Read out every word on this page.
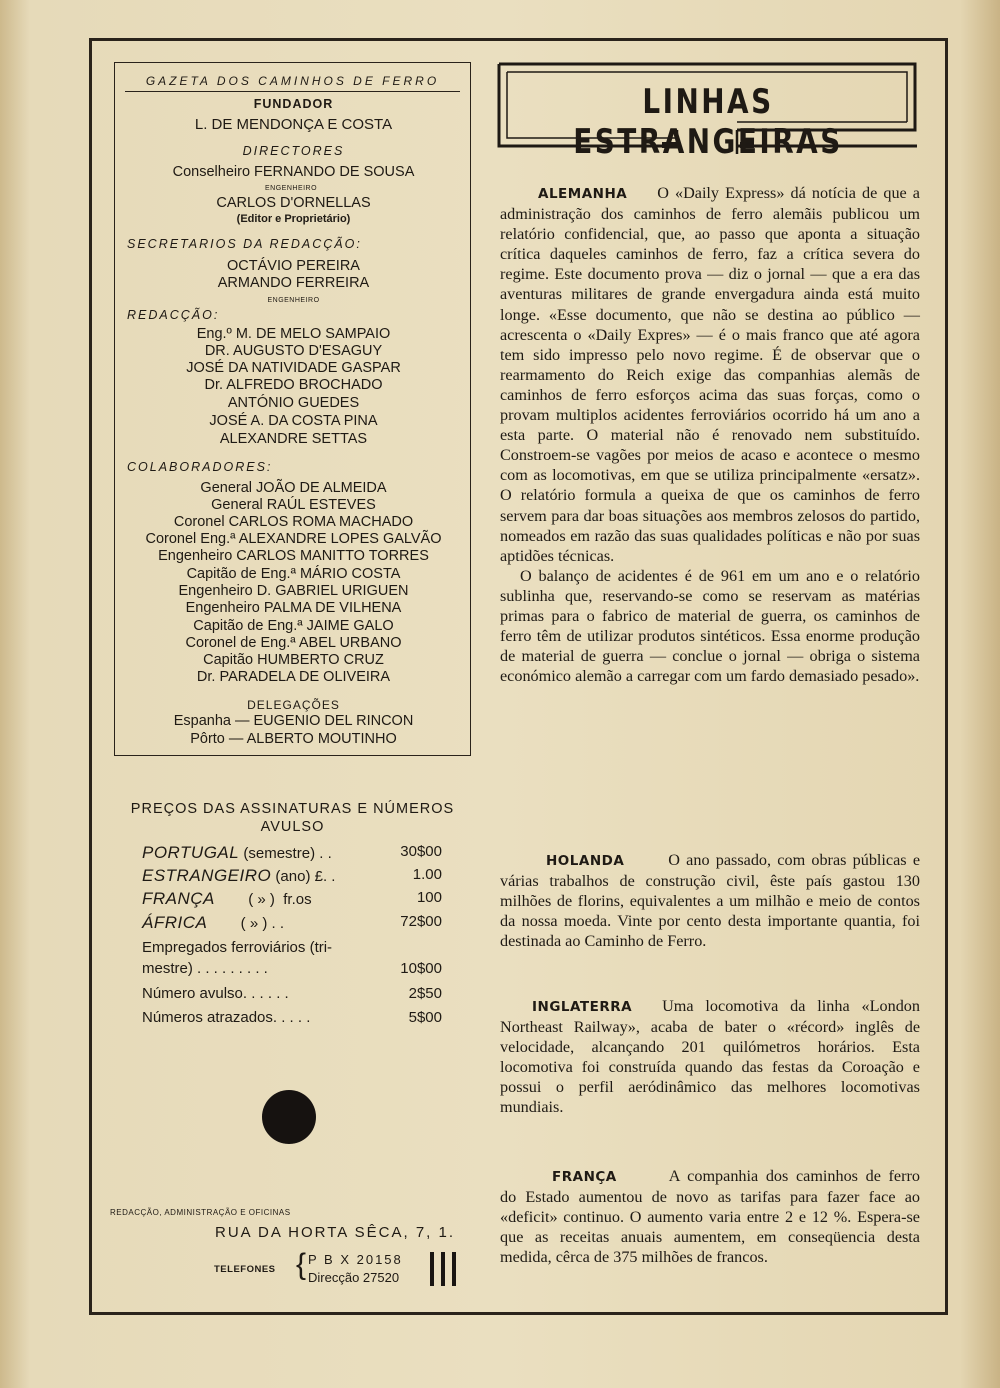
GAZETA DOS CAMINHOS DE FERRO
FUNDADOR
L. DE MENDONÇA E COSTA
DIRECTORES
Conselheiro FERNANDO DE SOUSA
ENGENHEIRO
CARLOS D'ORNELLAS
(Editor e Proprietário)
SECRETARIOS DA REDACÇÃO:
OCTÁVIO PEREIRA
ARMANDO FERREIRA
ENGENHEIRO
REDACÇÃO:
Eng.º M. DE MELO SAMPAIO
DR. AUGUSTO D'ESAGUY
JOSÉ DA NATIVIDADE GASPAR
Dr. ALFREDO BROCHADO
ANTÓNIO GUEDES
JOSÉ A. DA COSTA PINA
ALEXANDRE SETTAS
COLABORADORES:
General JOÃO DE ALMEIDA
General RAÚL ESTEVES
Coronel CARLOS ROMA MACHADO
Coronel Eng.ª ALEXANDRE LOPES GALVÃO
Engenheiro CARLOS MANITTO TORRES
Capitão de Eng.ª MÁRIO COSTA
Engenheiro D. GABRIEL URIGUEN
Engenheiro PALMA DE VILHENA
Capitão de Eng.ª JAIME GALO
Coronel de Eng.ª ABEL URBANO
Capitão HUMBERTO CRUZ
Dr. PARADELA DE OLIVEIRA
DELEGAÇÕES
Espanha — EUGENIO DEL RINCON
Pôrto — ALBERTO MOUTINHO
PREÇOS DAS ASSINATURAS E NÚMEROS
AVULSO
PORTUGAL (semestre) . .	30$00
ESTRANGEIRO (ano) £. .	1.00
FRANÇA        ( » )  fr.os	100
ÁFRICA        ( » ) . .	72$00
Empregados ferroviários (tri-
mestre) . . . . . . . . .	10$00
Número avulso. . . . . .	2$50
Números atrazados. . . . .	5$00
REDACÇÃO, ADMINISTRAÇÃO E OFICINAS
RUA DA HORTA SÊCA, 7, 1.
TELEFONES { P B X 20158
Direcção 27520
LINHAS ESTRANGEIRAS

ALEMANHA O «Daily Express» dá notícia de que a administração dos caminhos de ferro alemãis publicou um relatório confidencial, que, ao passo que aponta a situação crítica daqueles caminhos de ferro, faz a crítica severa do regime. Este documento prova — diz o jornal — que a era das aventuras militares de grande envergadura ainda está muito longe. «Esse documento, que não se destina ao público — acrescenta o «Daily Expres» — é o mais franco que até agora tem sido impresso pelo novo regime. É de observar que o rearmamento do Reich exige das companhias alemãs de caminhos de ferro esforços acima das suas forças, como o provam multiplos acidentes ferroviários ocorrido há um ano a esta parte. O material não é renovado nem substituído. Constroem-se vagões por meios de acaso e acontece o mesmo com as locomotivas, em que se utiliza principalmente «ersatz». O relatório formula a queixa de que os caminhos de ferro servem para dar boas situações aos membros zelosos do partido, nomeados em razão das suas qualidades políticas e não por suas aptidões técnicas.

O balanço de acidentes é de 961 em um ano e o relatório sublinha que, reservando-se como se reservam as matérias primas para o fabrico de material de guerra, os caminhos de ferro têm de utilizar produtos sintéticos. Essa enorme produção de material de guerra — conclue o jornal — obriga o sistema económico alemão a carregar com um fardo demasiado pesado».

HOLANDA	O ano passado, com obras públicas e várias trabalhos de construção civil, êste país gastou 130 milhões de florins, equivalentes a um milhão e meio de contos da nossa moeda. Vinte por cento desta importante quantia, foi destinada ao Caminho de Ferro.

INGLATERRA Uma locomotiva da linha «London Northeast Railway», acaba de bater o «récord» inglês de velocidade, alcançando 201 quilómetros horários. Esta locomotiva foi construída quando das festas da Coroação e possui o perfil aeródinâmico das melhores locomotivas mundiais.

FRANÇA	A companhia dos caminhos de ferro do Estado aumentou de novo as tarifas para fazer face ao «deficit» continuo. O aumento varia entre 2 e 12 %. Espera-se que as receitas anuais aumentem, em conseqüencia desta medida, cêrca de 375 milhões de francos.
